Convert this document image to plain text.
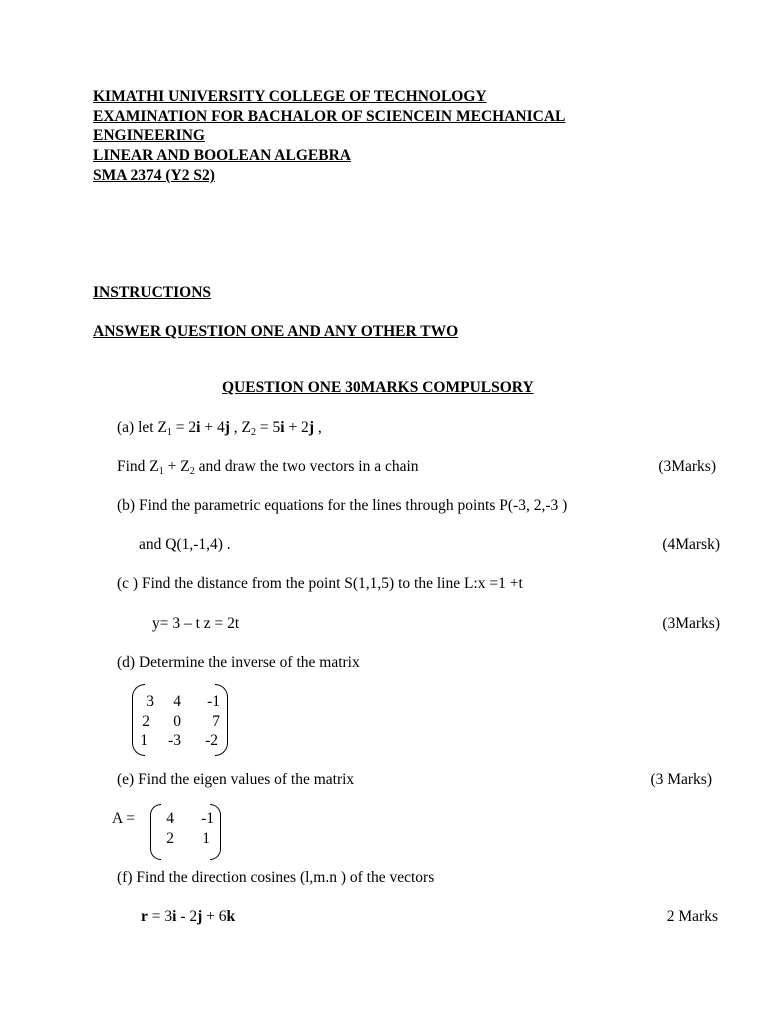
KIMATHI UNIVERSITY COLLEGE OF TECHNOLOGY
EXAMINATION FOR BACHALOR OF SCIENCEIN MECHANICAL
ENGINEERING
LINEAR AND BOOLEAN ALGEBRA
SMA 2374 (Y2 S2)
INSTRUCTIONS
ANSWER QUESTION ONE AND ANY OTHER TWO
QUESTION ONE 30MARKS COMPULSORY
(a) let $Z_1 = 2i + 4j$ , $Z_2 = 5i + 2j$ ,
Find $Z_1 + Z_2$ and draw the two vectors in a chain	(3Marks)
(b) Find the parametric equations for the lines through points P(-3, 2,-3 )
and Q(1,-1,4) .	(4Marsk)
(c ) Find the distance from the point S(1,1,5) to the line L:x =1 +t
y= 3 – t z = 2t	(3Marks)
(d) Determine the inverse of the matrix
3	4	-1
2	0	7
1	-3	-2
(e) Find the eigen values of the matrix	(3 Marks)
A =	4	-1
2	1
(f) Find the direction cosines (l,m.n ) of the vectors
r = 3i - 2j + 6k	2 Marks
